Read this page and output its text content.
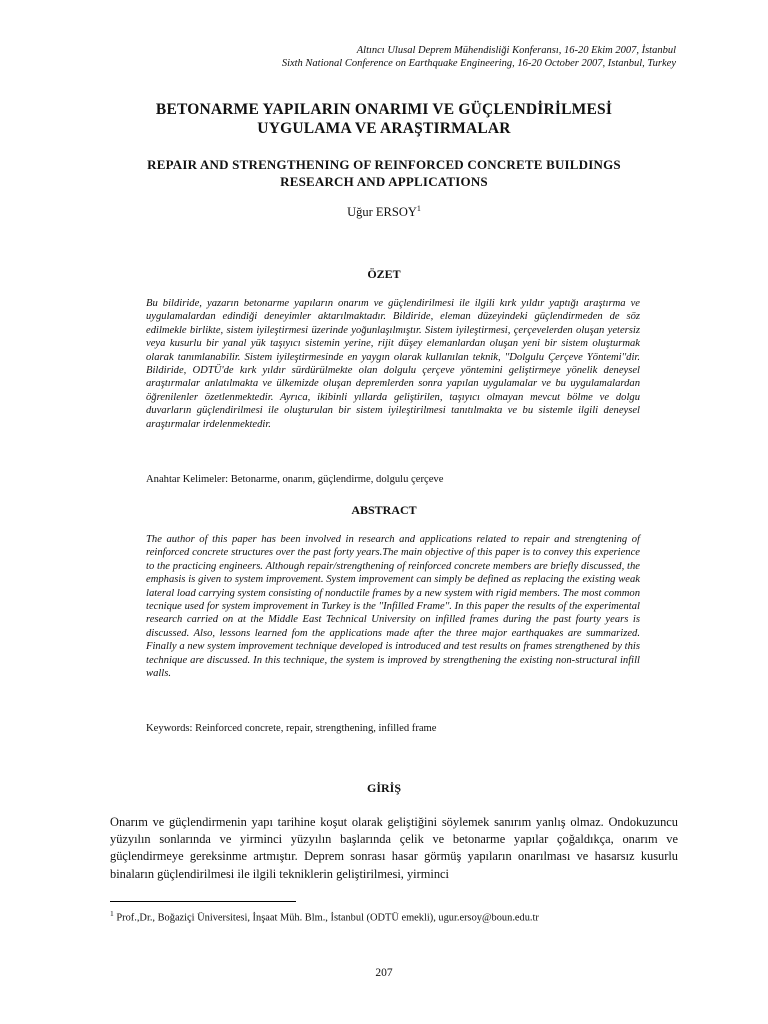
Altıncı Ulusal Deprem Mühendisliği Konferansı, 16-20 Ekim 2007, İstanbul
Sixth National Conference on Earthquake Engineering, 16-20 October 2007, Istanbul, Turkey
BETONARME YAPILARIN ONARIMI VE GÜÇLENDİRİLMESİ
UYGULAMA VE ARAŞTIRMALAR
REPAIR AND STRENGTHENING OF REINFORCED CONCRETE BUILDINGS
RESEARCH AND APPLICATIONS
Uğur ERSOY$^1$
ÖZET
Bu bildiride, yazarın betonarme yapıların onarım ve güçlendirilmesi ile ilgili kırk yıldır yaptığı araştırma ve uygulamalardan edindiği deneyimler aktarılmaktadır. Bildiride, eleman düzeyindeki güçlendirmeden de söz edilmekle birlikte, sistem iyileştirmesi üzerinde yoğunlaşılmıştır. Sistem iyileştirmesi, çerçevelerden oluşan yetersiz veya kusurlu bir yanal yük taşıyıcı sistemin yerine, rijit düşey elemanlardan oluşan yeni bir sistem oluşturmak olarak tanımlanabilir. Sistem iyileştirmesinde en yaygın olarak kullanılan teknik, ''Dolgulu Çerçeve Yöntemi''dir. Bildiride, ODTÜ'de kırk yıldır sürdürülmekte olan dolgulu çerçeve yöntemini geliştirmeye yönelik deneysel araştırmalar anlatılmakta ve ülkemizde oluşan depremlerden sonra yapılan uygulamalar ve bu uygulamalardan öğrenilenler özetlenmektedir. Ayrıca, ikibinli yıllarda geliştirilen, taşıyıcı olmayan mevcut bölme ve dolgu duvarların güçlendirilmesi ile oluşturulan bir sistem iyileştirilmesi tanıtılmakta ve bu sistemle ilgili deneysel araştırmalar irdelenmektedir.
Anahtar Kelimeler: Betonarme, onarım, güçlendirme, dolgulu çerçeve
ABSTRACT
The author of this paper has been involved in research and applications related to repair and strengtening of reinforced concrete structures over the past forty years.The main objective of this paper is to convey this experience to the practicing engineers. Although repair/strengthening of reinforced concrete members are briefly discussed, the emphasis is given to system improvement. System improvement can simply be defined as replacing the existing weak lateral load carrying system consisting of nonductile frames by a new system with rigid members. The most common tecnique used for system improvement in Turkey is the ''Infilled Frame''. In this paper the results of the experimental research carried on at the Middle East Technical University on infilled frames during the past fourty years is discussed. Also, lessons learned fom the applications made after the three major earthquakes are summarized. Finally a new system improvement technique developed is introduced and test results on frames strengthened by this technique are discussed. In this technique, the system is improved by strengthening the existing non-structural infill walls.
Keywords: Reinforced concrete, repair, strengthening, infilled frame
GİRİŞ
Onarım ve güçlendirmenin yapı tarihine koşut olarak geliştiğini söylemek sanırım yanlış olmaz. Ondokuzuncu yüzyılın sonlarında ve yirminci yüzyılın başlarında çelik ve betonarme yapılar çoğaldıkça, onarım ve güçlendirmeye gereksinme artmıştır. Deprem sonrası hasar görmüş yapıların onarılması ve hasarsız kusurlu binaların güçlendirilmesi ile ilgili tekniklerin geliştirilmesi, yirminci
$^1$ Prof.,Dr., Boğaziçi Üniversitesi, İnşaat Müh. Blm., İstanbul (ODTÜ emekli), ugur.ersoy@boun.edu.tr
207
